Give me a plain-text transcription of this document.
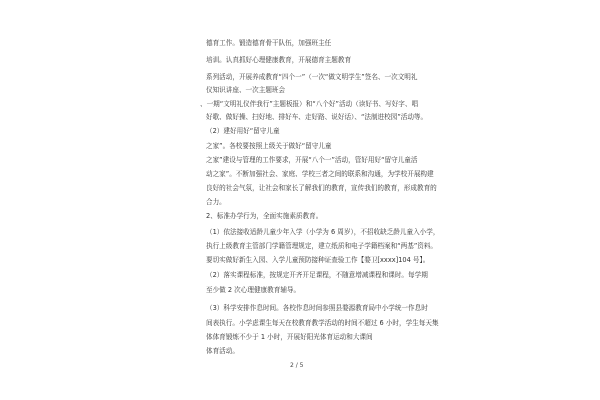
德育工作。锻造德育骨干队伍，加强班主任

培训。认真抓好心理健康教育，开展德育主题教育

系列活动，开展养成教育“四个一”（一次“做文明学生”签名、一次文明礼

仪知识讲座、一次主题班会

、一期“文明礼仪伴我行”主题板报）和“八个好”活动（读好书、写好字、唱

好歌、做好操、扫好地、排好车、走好路、说好话）、“法制进校园”活动等。

（2）建好用好“留守儿童

之家”。各校要按照上级关于做好“留守儿童

之家”建设与管理的工作要求，开展“八个一”活动，管好用好“留守儿童活

动之家”。不断加强社会、家庭、学校三者之间的联系和沟通，为学校开展构建

良好的社会气氛，让社会和家长了解我们的教育，宣传我们的教育，形成教育的

合力。

2、标准办学行为，全面实施素质教育。

（1）依法接收适龄儿童少年入学（小学为 6 周岁），不招收缺乏龄儿童入小学，

执行上级教育主管部门学籍管理规定，建立纸质和电子学籍档案和“两基”资料。

要切实做好新生入园、入学儿童预防接种证查验工作【婺卫[xxxx]104 号】。

（2）落实课程标准，按规定开齐开足课程，不随意增减课程和课时。每学期

至少做 2 次心理健康教育辅导。

（3）科学安排作息时间。各校作息时间参照县婺源教育局中小学统一作息时

间表执行。小学虑课生每天在校教育教学活动的时间不超过 6 小时，学生每天集

体体育锻炼不少于 1 小时，开展好阳光体育运动和大课间

体育活动。

2 / 5
